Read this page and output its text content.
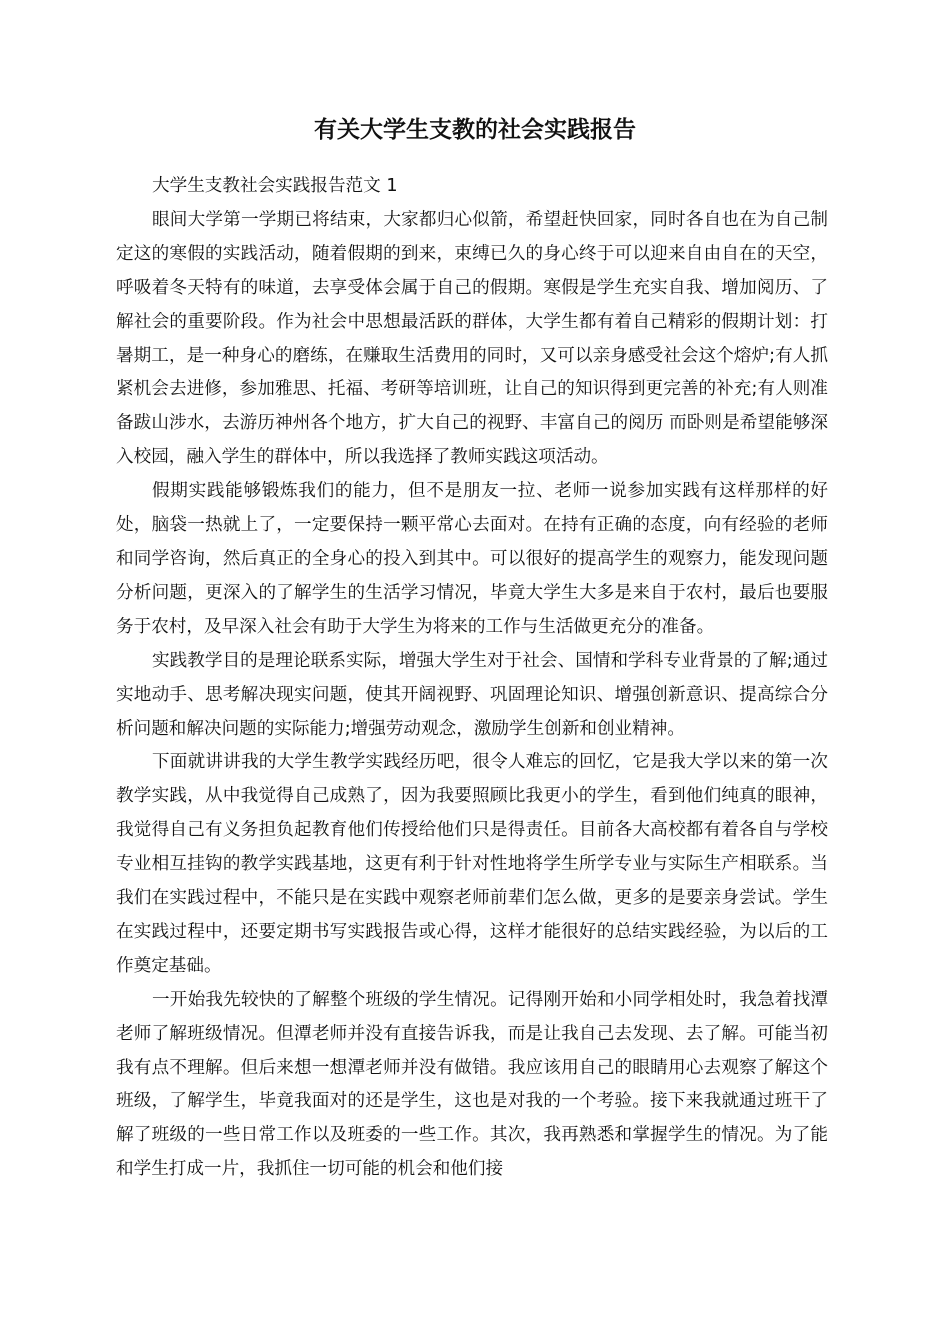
有关大学生支教的社会实践报告

大学生支教社会实践报告范文 1

眼间大学第一学期已将结束，大家都归心似箭，希望赶快回家，同时各自也在为自己制定这的寒假的实践活动，随着假期的到来，束缚已久的身心终于可以迎来自由自在的天空，呼吸着冬天特有的味道，去享受体会属于自己的假期。寒假是学生充实自我、增加阅历、了解社会的重要阶段。作为社会中思想最活跃的群体，大学生都有着自己精彩的假期计划：打暑期工，是一种身心的磨练，在赚取生活费用的同时，又可以亲身感受社会这个熔炉;有人抓紧机会去进修，参加雅思、托福、考研等培训班，让自己的知识得到更完善的补充;有人则准备跋山涉水，去游历神州各个地方，扩大自己的视野、丰富自己的阅历 而卧则是希望能够深入校园，融入学生的群体中，所以我选择了教师实践这项活动。

假期实践能够锻炼我们的能力，但不是朋友一拉、老师一说参加实践有这样那样的好处，脑袋一热就上了，一定要保持一颗平常心去面对。在持有正确的态度，向有经验的老师和同学咨询，然后真正的全身心的投入到其中。可以很好的提高学生的观察力，能发现问题分析问题，更深入的了解学生的生活学习情况，毕竟大学生大多是来自于农村，最后也要服务于农村，及早深入社会有助于大学生为将来的工作与生活做更充分的准备。

实践教学目的是理论联系实际，增强大学生对于社会、国情和学科专业背景的了解;通过实地动手、思考解决现实问题，使其开阔视野、巩固理论知识、增强创新意识、提高综合分析问题和解决问题的实际能力;增强劳动观念，激励学生创新和创业精神。

下面就讲讲我的大学生教学实践经历吧，很令人难忘的回忆，它是我大学以来的第一次教学实践，从中我觉得自己成熟了，因为我要照顾比我更小的学生，看到他们纯真的眼神，我觉得自己有义务担负起教育他们传授给他们只是得责任。目前各大高校都有着各自与学校专业相互挂钩的教学实践基地，这更有利于针对性地将学生所学专业与实际生产相联系。当我们在实践过程中，不能只是在实践中观察老师前辈们怎么做，更多的是要亲身尝试。学生在实践过程中，还要定期书写实践报告或心得，这样才能很好的总结实践经验，为以后的工作奠定基础。

一开始我先较快的了解整个班级的学生情况。记得刚开始和小同学相处时，我急着找潭老师了解班级情况。但潭老师并没有直接告诉我，而是让我自己去发现、去了解。可能当初我有点不理解。但后来想一想潭老师并没有做错。我应该用自己的眼睛用心去观察了解这个班级，了解学生，毕竟我面对的还是学生，这也是对我的一个考验。接下来我就通过班干了解了班级的一些日常工作以及班委的一些工作。其次，我再熟悉和掌握学生的情况。为了能和学生打成一片，我抓住一切可能的机会和他们接
